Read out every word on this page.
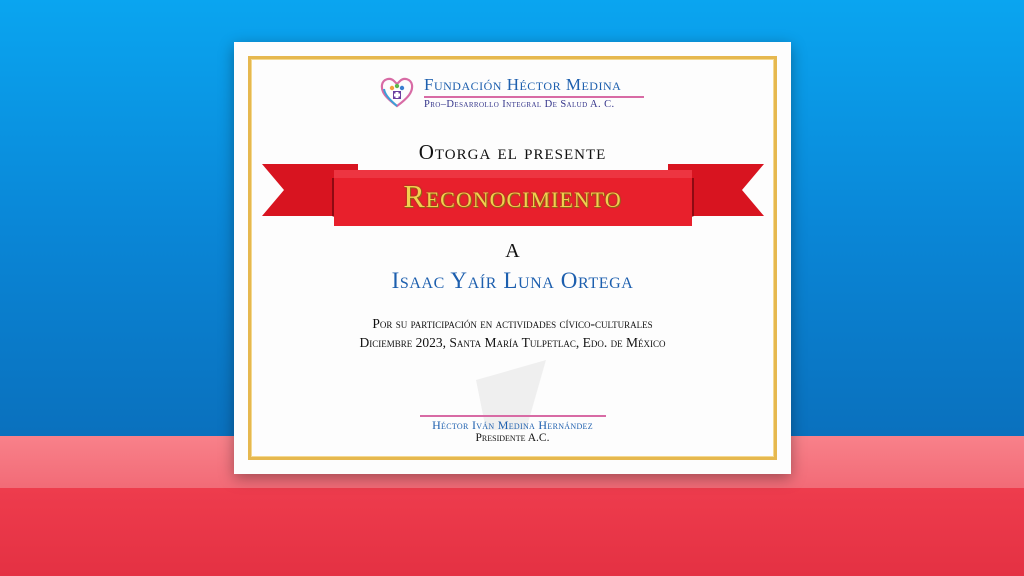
Fundación Héctor Medina
Pro–Desarrollo Integral De Salud A. C.
Otorga el presente
Reconocimiento
A
Isaac Yaír Luna Ortega
Por su participación en actividades cívico-culturales
Diciembre 2023, Santa María Tulpetlac, Edo. de México
Héctor Iván Medina Hernández
Presidente A.C.
